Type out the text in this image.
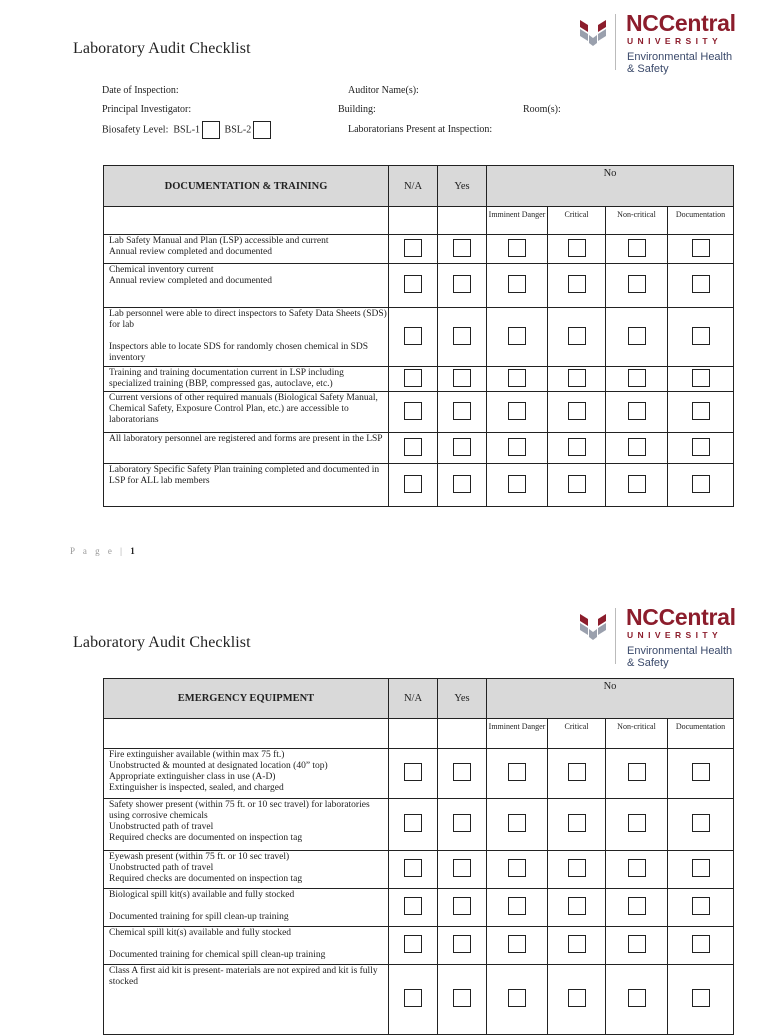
Laboratory Audit Checklist
NCCentral
UNIVERSITY
Environmental Health
& Safety
Date of Inspection:	Auditor Name(s):
Principal Investigator:	Building:	Room(s):
Biosafety Level: BSL-1 BSL-2	Laboratorians Present at Inspection:
DOCUMENTATION & TRAINING	N/A	Yes	No			
			Imminent Danger	Critical	Non-critical	Documentation

Lab Safety Manual and Plan (LSP) accessible and current
Annual review completed and documented						

Chemical inventory current
Annual review completed and documented						

Lab personnel were able to direct inspectors to Safety Data Sheets (SDS) for lab
Inspectors able to locate SDS for randomly chosen chemical in SDS inventory						

Training and training documentation current in LSP including specialized training (BBP, compressed gas, autoclave, etc.)						

Current versions of other required manuals (Biological Safety Manual, Chemical Safety, Exposure Control Plan, etc.) are accessible to laboratorians						

All laboratory personnel are registered and forms are present in the LSP						

Laboratory Specific Safety Plan training completed and documented in LSP for ALL lab members						

P a g e | 1
Laboratory Audit Checklist
NCCentral
UNIVERSITY
Environmental Health
& Safety
EMERGENCY EQUIPMENT	N/A	Yes	No			
			Imminent Danger	Critical	Non-critical	Documentation

Fire extinguisher available (within max 75 ft.)
Unobstructed & mounted at designated location (40” top)
Appropriate extinguisher class in use (A-D)
Extinguisher is inspected, sealed, and charged						

Safety shower present (within 75 ft. or 10 sec travel) for laboratories using corrosive chemicals
Unobstructed path of travel
Required checks are documented on inspection tag						

Eyewash present (within 75 ft. or 10 sec travel)
Unobstructed path of travel
Required checks are documented on inspection tag						

Biological spill kit(s) available and fully stocked
Documented training for spill clean-up training						

Chemical spill kit(s) available and fully stocked
Documented training for chemical spill clean-up training						

Class A first aid kit is present- materials are not expired and kit is fully stocked						
